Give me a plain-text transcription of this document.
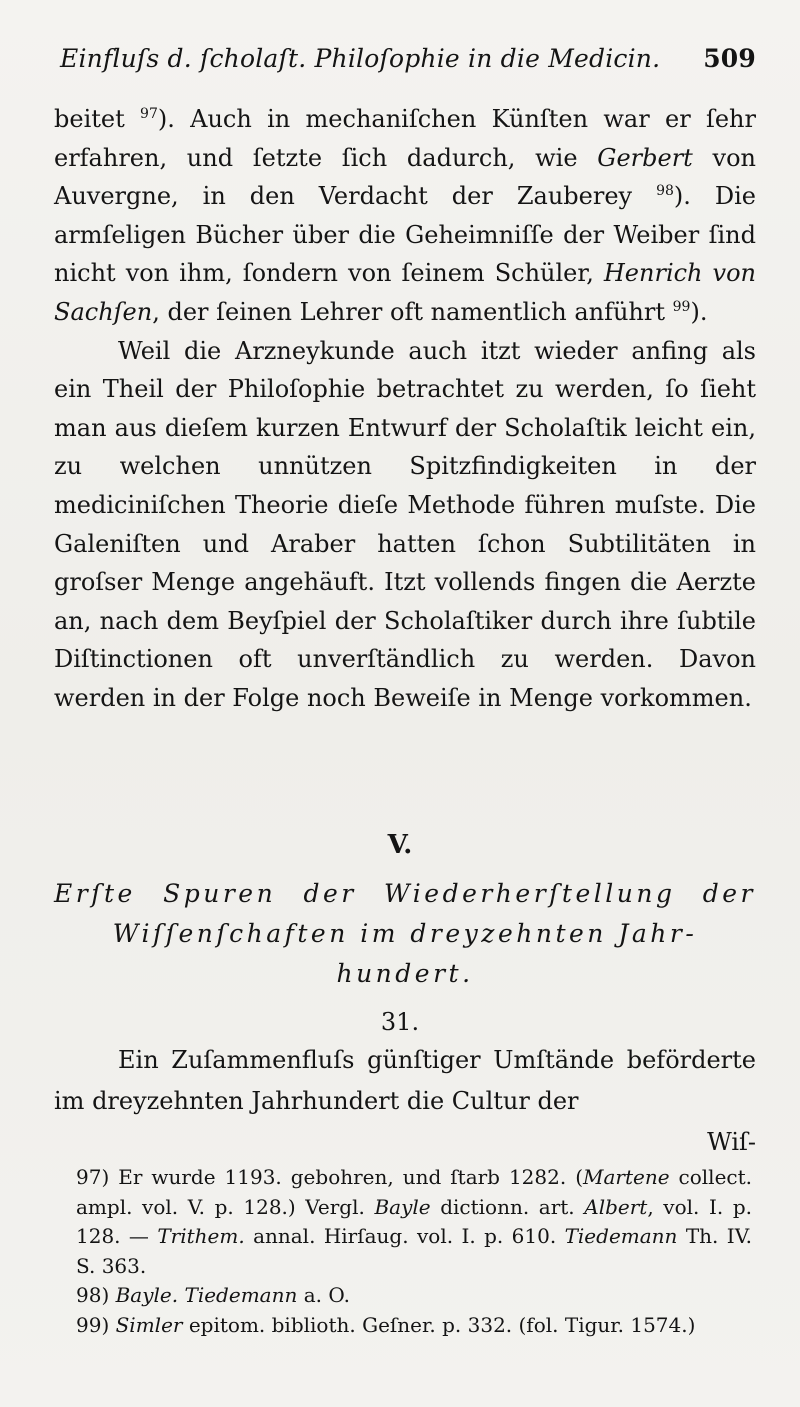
Einfluſs d. ſcholaſt. Philoſophie in die Medicin. 509

beitet $^{97}$). Auch in mechaniſchen Künſten war er ſehr erfahren, und ſetzte ſich dadurch, wie Gerbert von Auvergne, in den Verdacht der Zauberey $^{98}$). Die armſeligen Bücher über die Geheimniſſe der Weiber ſind nicht von ihm, ſondern von ſeinem Schüler, Henrich von Sachſen, der ſeinen Lehrer oft namentlich anführt $^{99}$).

Weil die Arzneykunde auch itzt wieder anfing als ein Theil der Philoſophie betrachtet zu werden, ſo ſieht man aus dieſem kurzen Entwurf der Scholaſtik leicht ein, zu welchen unnützen Spitzfindigkeiten in der mediciniſchen Theorie dieſe Methode führen muſste. Die Galeniſten und Araber hatten ſchon Subtilitäten in groſser Menge angehäuft. Itzt vollends fingen die Aerzte an, nach dem Beyſpiel der Scholaſtiker durch ihre ſubtile Diſtinctionen oft unverſtändlich zu werden. Davon werden in der Folge noch Beweiſe in Menge vorkommen.

V.
Erſte Spuren der Wiederherſtellung der
Wiſſenſchaften im dreyzehnten Jahr-
hundert.
31.
Ein Zuſammenfluſs günſtiger Umſtände beförderte im dreyzehnten Jahrhundert die Cultur der
Wiſ-

97) Er wurde 1193. gebohren, und ſtarb 1282. (Martene collect. ampl. vol. V. p. 128.) Vergl. Bayle dictionn. art. Albert, vol. I. p. 128. — Trithem. annal. Hirſaug. vol. I. p. 610. Tiedemann Th. IV. S. 363.

98) Bayle. Tiedemann a. O.

99) Simler epitom. biblioth. Geſner. p. 332. (fol. Tigur. 1574.)
